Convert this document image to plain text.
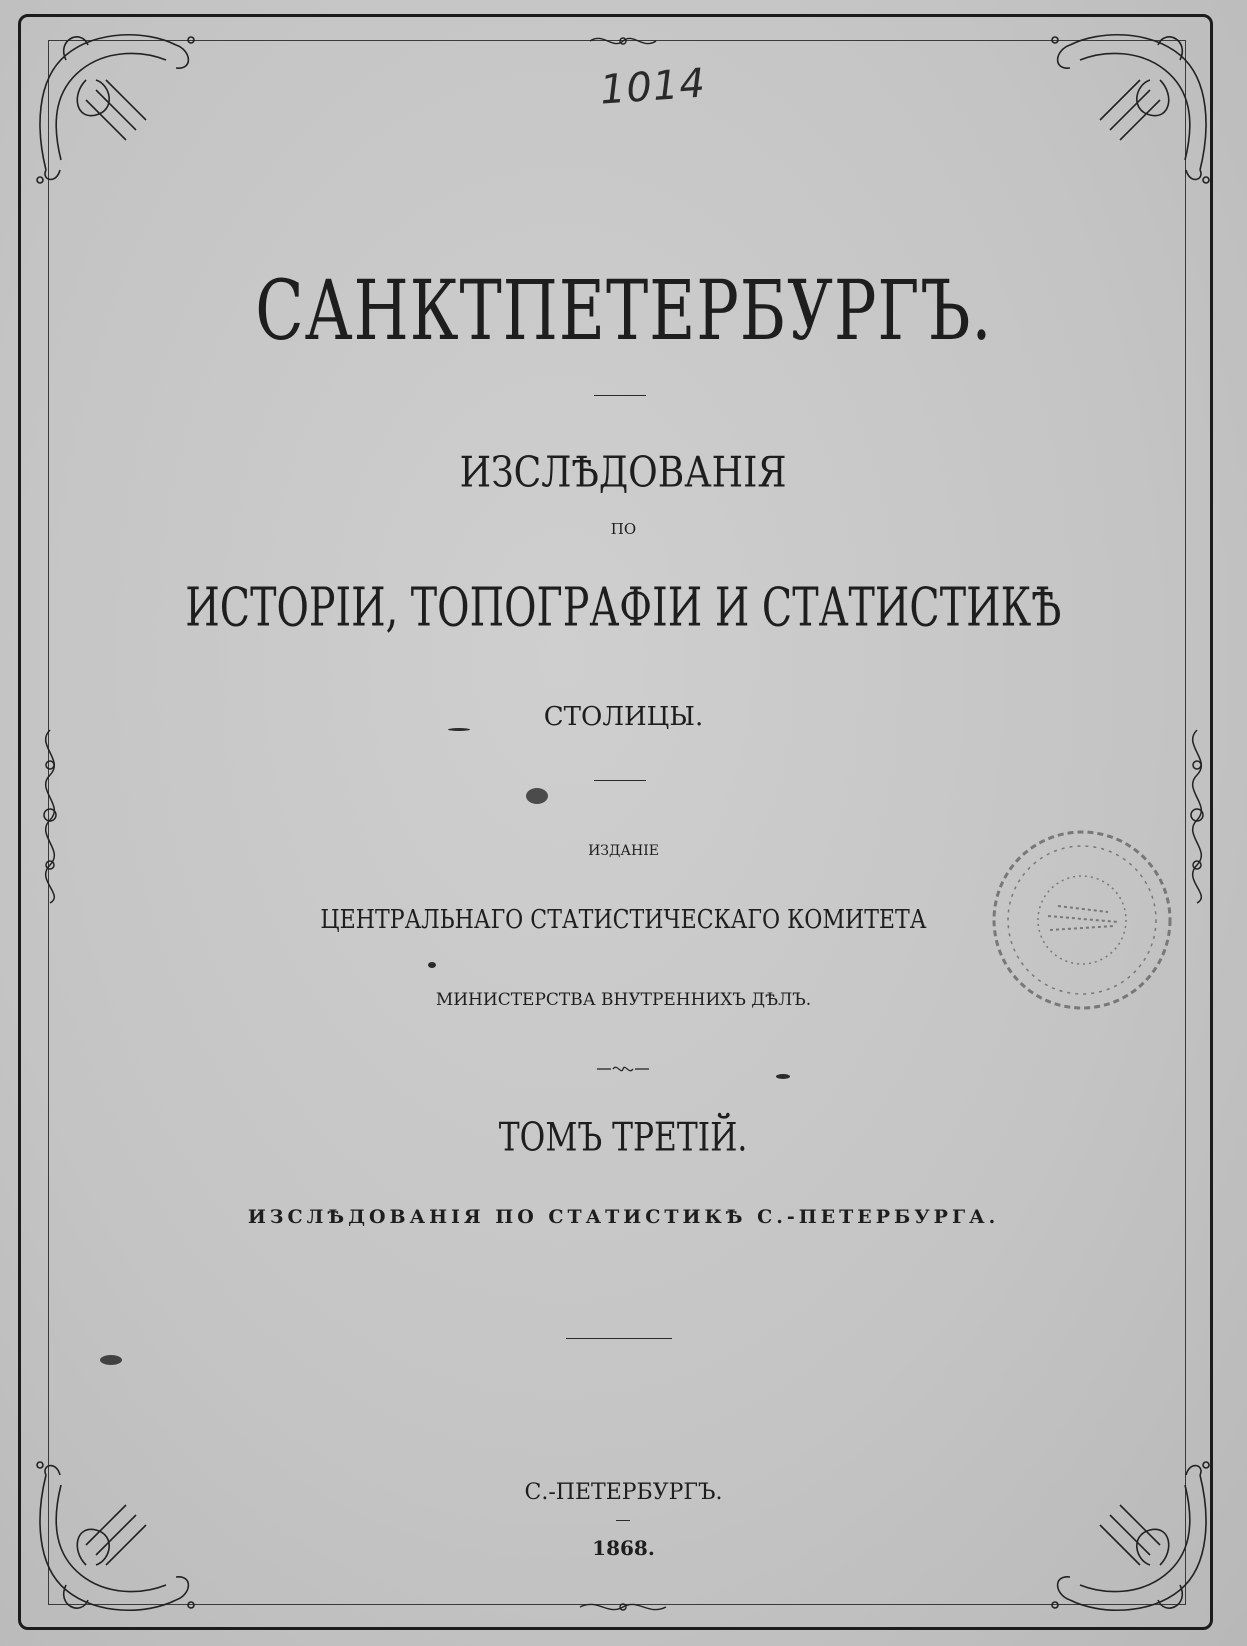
1014
САНКТПЕТЕРБУРГЪ.
ИЗСЛѢДОВАНІЯ
ПО
ИСТОРІИ, ТОПОГРАФІИ И СТАТИСТИКѢ
СТОЛИЦЫ.
ИЗДАНІЕ
ЦЕНТРАЛЬНАГО СТАТИСТИЧЕСКАГО КОМИТЕТА
МИНИСТЕРСТВА ВНУТРЕННИХЪ ДѢЛЪ.
ТОМЪ ТРЕТІЙ.
ИЗСЛѢДОВАНІЯ ПО СТАТИСТИКѢ С.-ПЕТЕРБУРГА.
С.-ПЕТЕРБУРГЪ.
1868.
